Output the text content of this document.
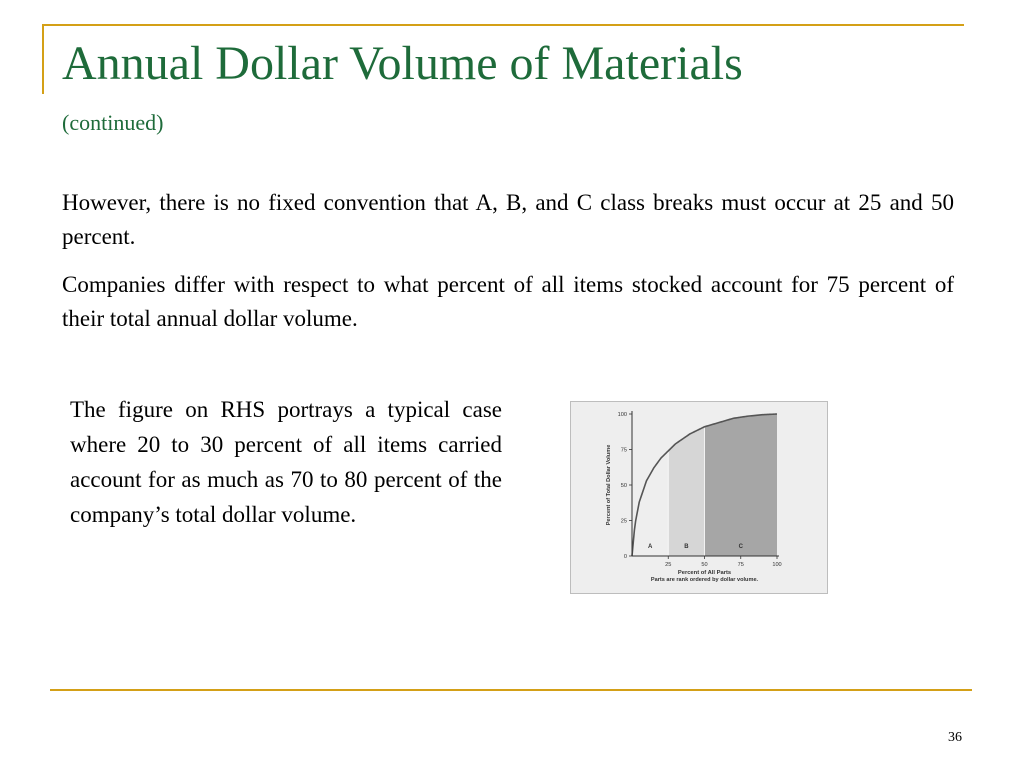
Annual Dollar Volume of Materials
(continued)

However, there is no fixed convention that A, B, and C class breaks must occur at 25 and 50 percent.

Companies differ with respect to what percent of all items stocked account for 75 percent of their total annual dollar volume.

The figure on RHS portrays a typical case where 20 to 30 percent of all items carried account for as much as 70 to 80 percent of the company’s total dollar volume.

0
25
50
75
100
25	50	75	100
A	B	C
Percent of Total Dollar Volume
Percent of All Parts
Parts are rank ordered by dollar volume.
36
